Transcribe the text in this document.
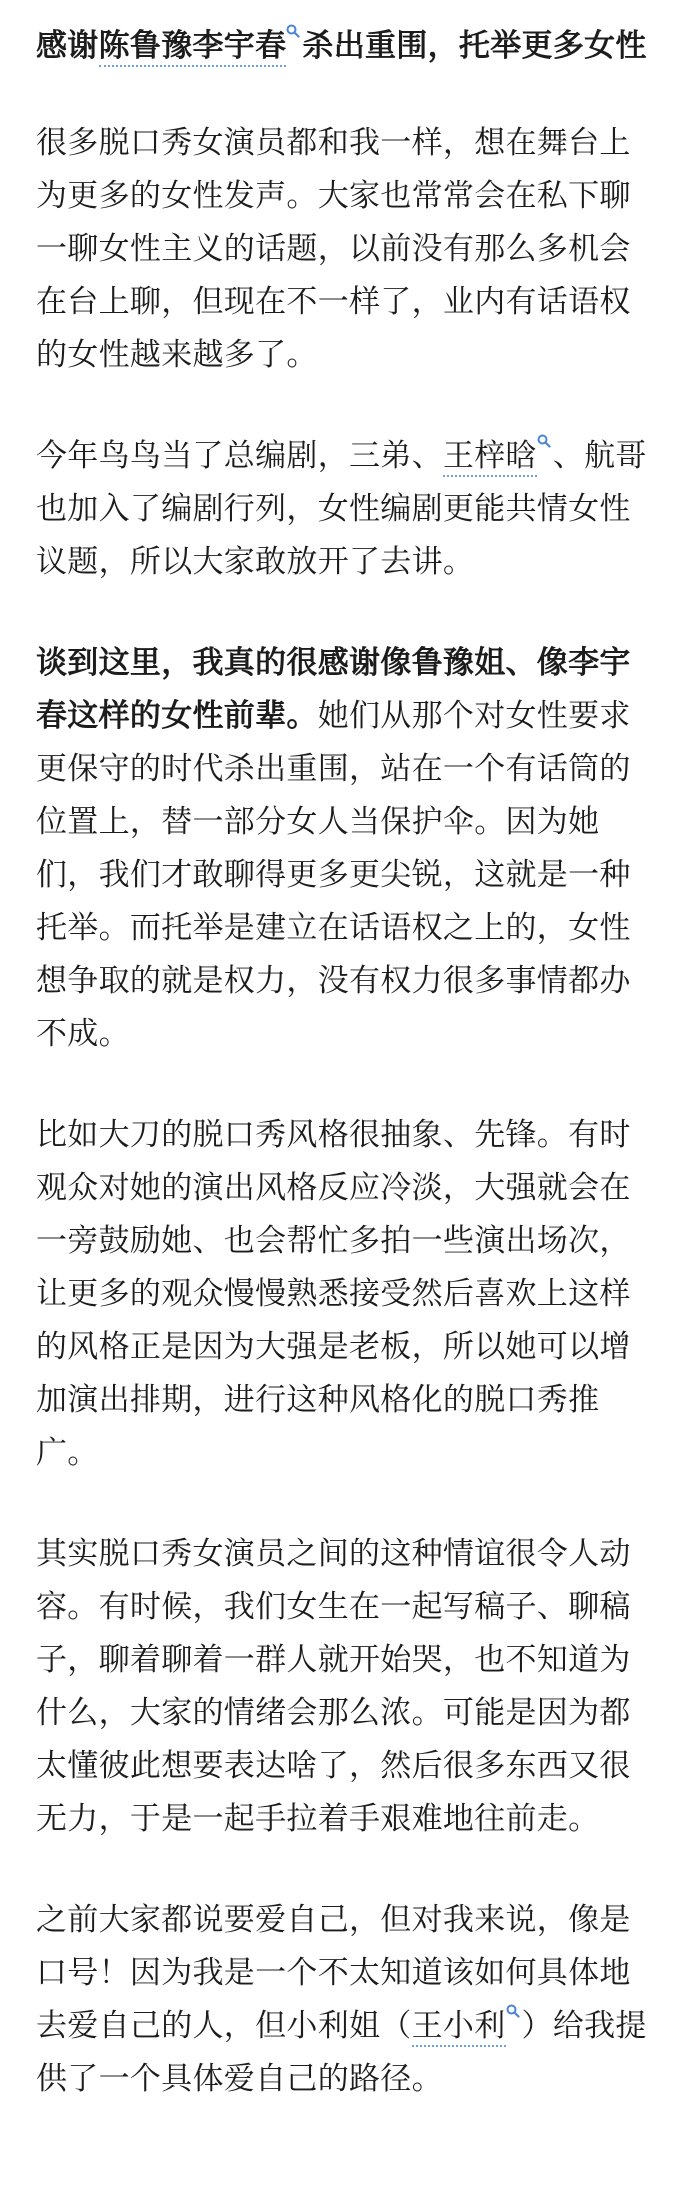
感谢陈鲁豫李宇春 杀出重围，托举更多女性

很多脱口秀女演员都和我一样，想在舞台上为更多的女性发声。大家也常常会在私下聊一聊女性主义的话题，以前没有那么多机会在台上聊，但现在不一样了，业内有话语权的女性越来越多了。

今年鸟鸟当了总编剧，三弟、王梓晗 、航哥也加入了编剧行列，女性编剧更能共情女性议题，所以大家敢放开了去讲。

谈到这里，我真的很感谢像鲁豫姐、像李宇春这样的女性前辈。她们从那个对女性要求更保守的时代杀出重围，站在一个有话筒的位置上，替一部分女人当保护伞。因为她们，我们才敢聊得更多更尖锐，这就是一种托举。而托举是建立在话语权之上的，女性想争取的就是权力，没有权力很多事情都办不成。

比如大刀的脱口秀风格很抽象、先锋。有时观众对她的演出风格反应冷淡，大强就会在一旁鼓励她、也会帮忙多拍一些演出场次，让更多的观众慢慢熟悉接受然后喜欢上这样的风格正是因为大强是老板，所以她可以增加演出排期，进行这种风格化的脱口秀推广。

其实脱口秀女演员之间的这种情谊很令人动容。有时候，我们女生在一起写稿子、聊稿子，聊着聊着一群人就开始哭，也不知道为什么，大家的情绪会那么浓。可能是因为都太懂彼此想要表达啥了，然后很多东西又很无力，于是一起手拉着手艰难地往前走。

之前大家都说要爱自己，但对我来说，像是口号！因为我是一个不太知道该如何具体地去爱自己的人，但小利姐（王小利 ）给我提供了一个具体爱自己的路径。
